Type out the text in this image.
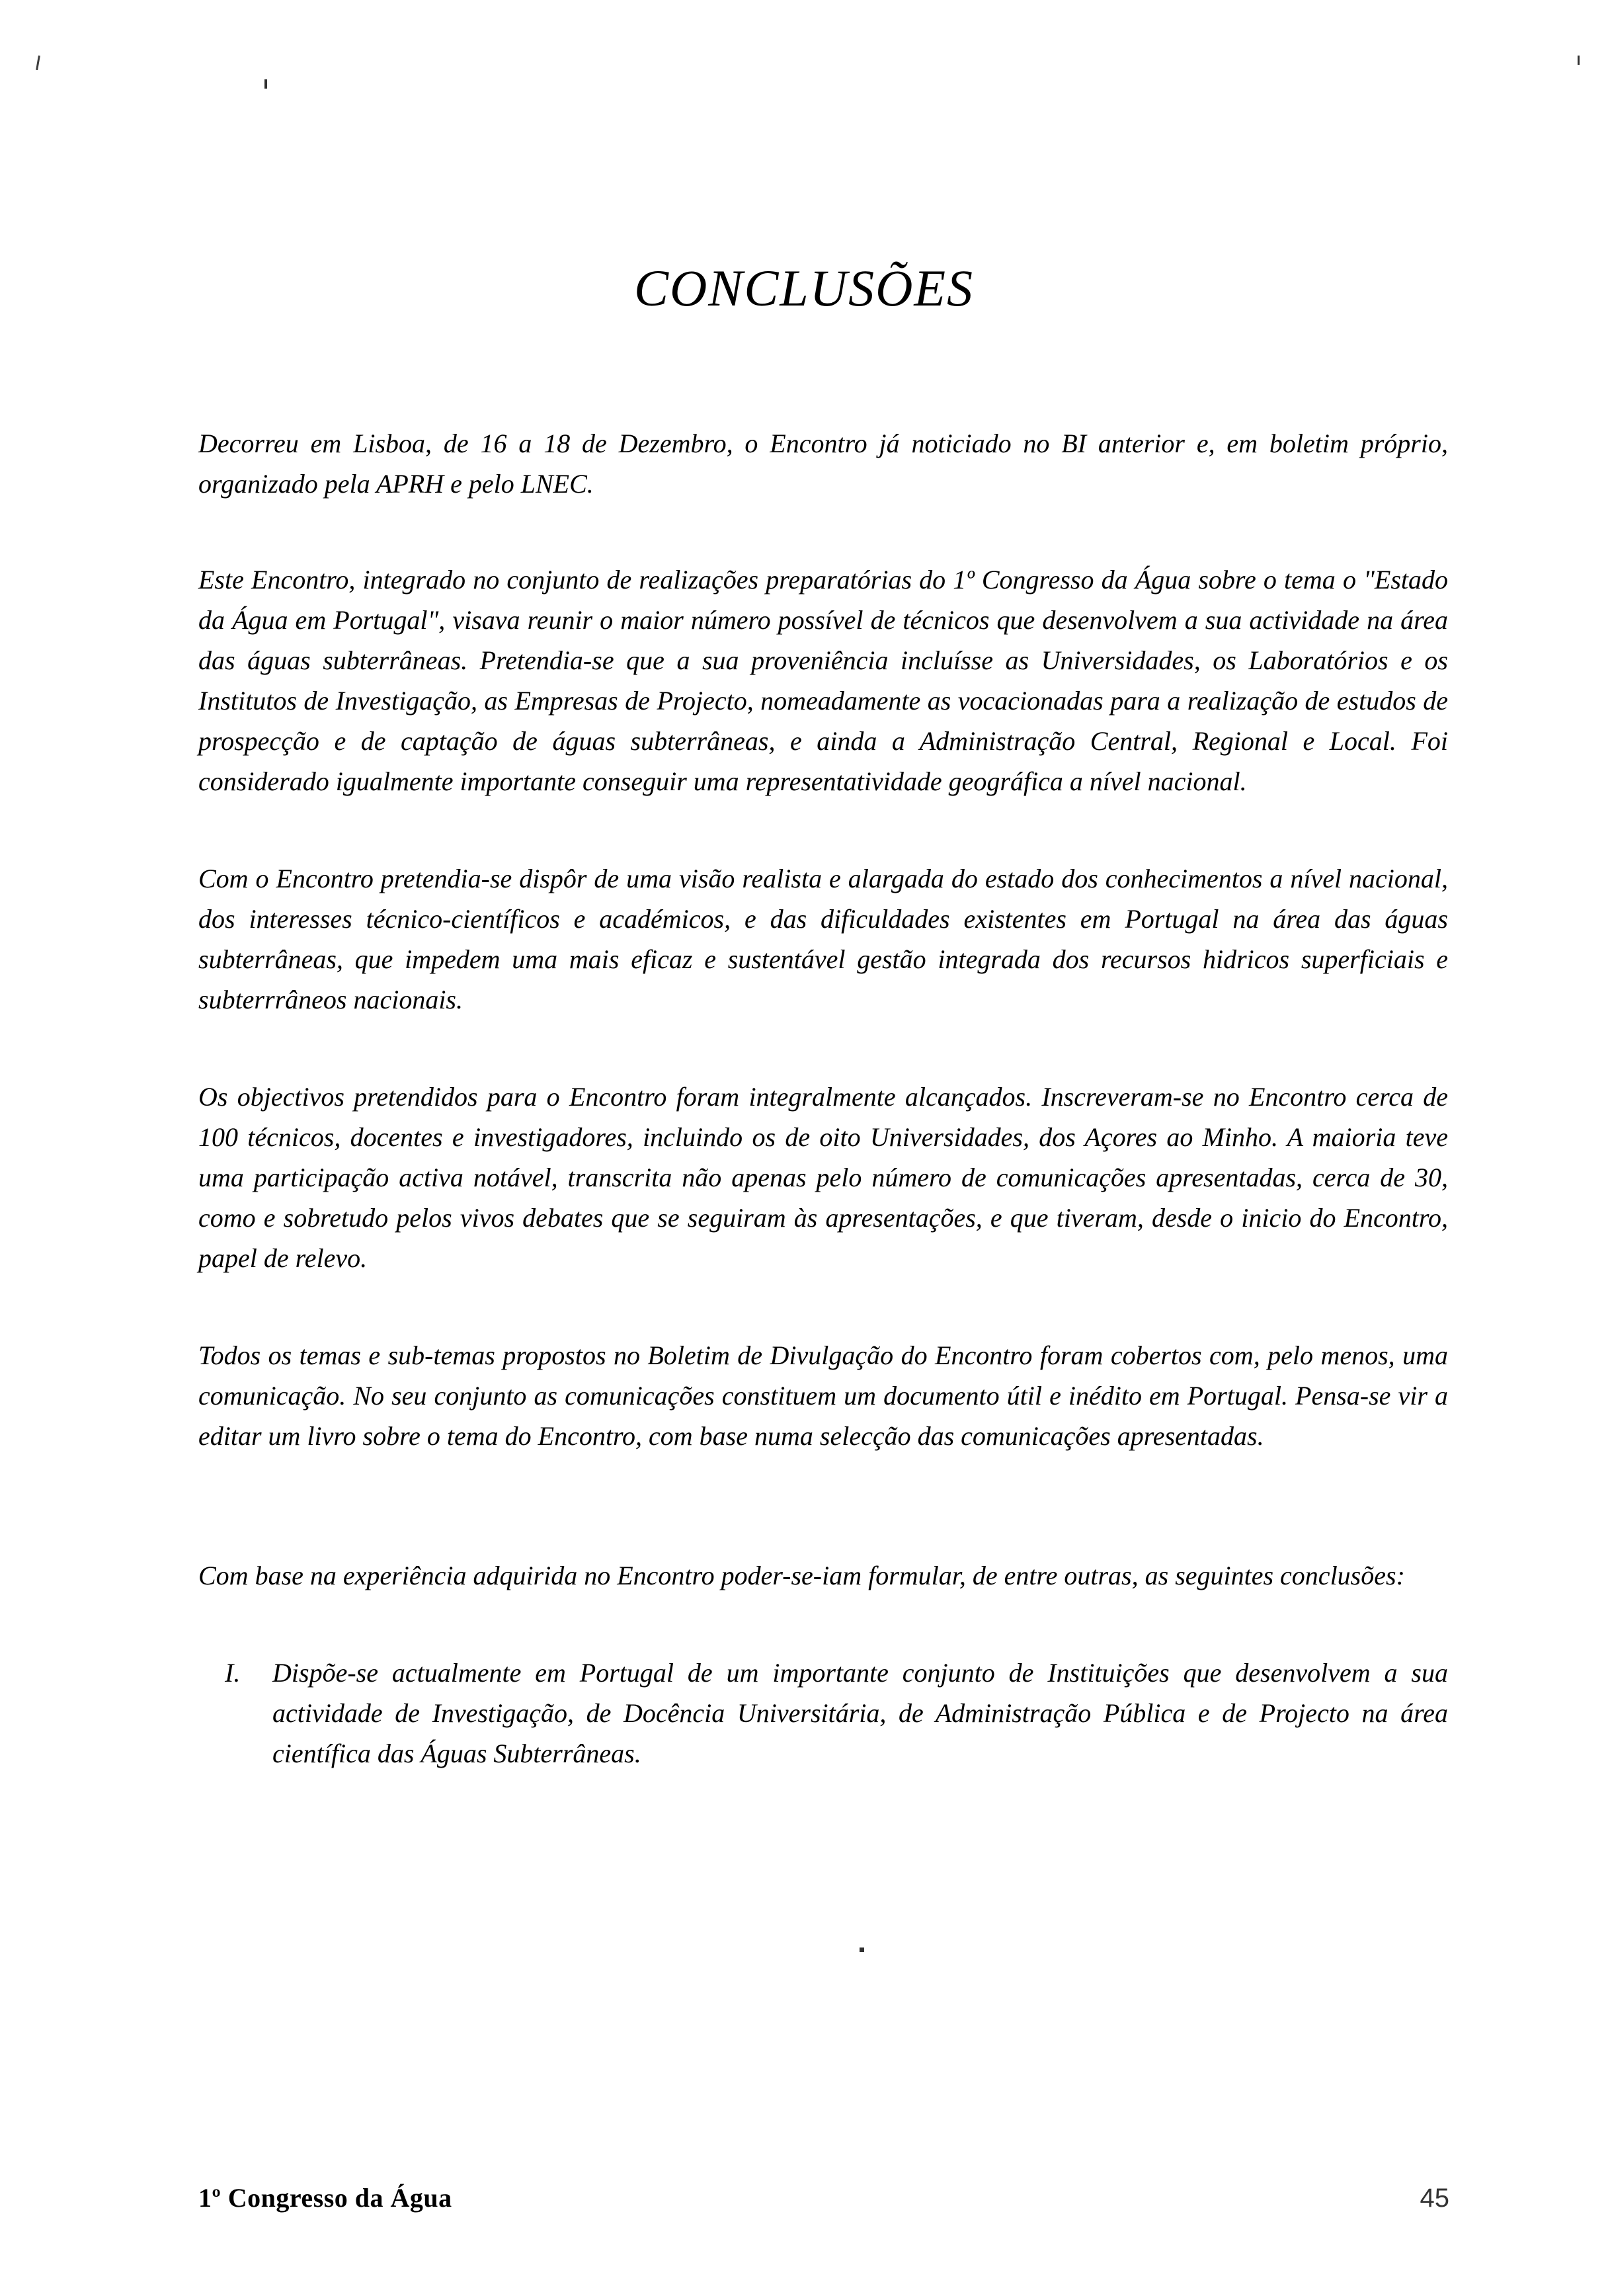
CONCLUSÕES

Decorreu em Lisboa, de 16 a 18 de Dezembro, o Encontro já noticiado no BI anterior e, em boletim próprio, organizado pela APRH e pelo LNEC.

Este Encontro, integrado no conjunto de realizações preparatórias do 1º Congresso da Água sobre o tema o "Estado da Água em Portugal", visava reunir o maior número possível de técnicos que desenvolvem a sua actividade na área das águas subterrâneas. Pretendia-se que a sua proveniência incluísse as Universidades, os Laboratórios e os Institutos de Investigação, as Empresas de Projecto, nomeadamente as vocacionadas para a realização de estudos de prospecção e de captação de águas subterrâneas, e ainda a Administração Central, Regional e Local. Foi considerado igualmente importante conseguir uma representatividade geográfica a nível nacional.

Com o Encontro pretendia-se dispôr de uma visão realista e alargada do estado dos conhecimentos a nível nacional, dos interesses técnico-científicos e académicos, e das dificuldades existentes em Portugal na área das águas subterrâneas, que impedem uma mais eficaz e sustentável gestão integrada dos recursos hidricos superficiais e subterrrâneos nacionais.

Os objectivos pretendidos para o Encontro foram integralmente alcançados. Inscreveram-se no Encontro cerca de 100 técnicos, docentes e investigadores, incluindo os de oito Universidades, dos Açores ao Minho. A maioria teve uma participação activa notável, transcrita não apenas pelo número de comunicações apresentadas, cerca de 30, como e sobretudo pelos vivos debates que se seguiram às apresentações, e que tiveram, desde o inicio do Encontro, papel de relevo.

Todos os temas e sub-temas propostos no Boletim de Divulgação do Encontro foram cobertos com, pelo menos, uma comunicação. No seu conjunto as comunicações constituem um documento útil e inédito em Portugal. Pensa-se vir a editar um livro sobre o tema do Encontro, com base numa selecção das comunicações apresentadas.

Com base na experiência adquirida no Encontro poder-se-iam formular, de entre outras, as seguintes conclusões:

I.	Dispõe-se actualmente em Portugal de um importante conjunto de Instituições que desenvolvem a sua actividade de Investigação, de Docência Universitária, de Administração Pública e de Projecto na área científica das Águas Subterrâneas.
1º Congresso da Água	45
